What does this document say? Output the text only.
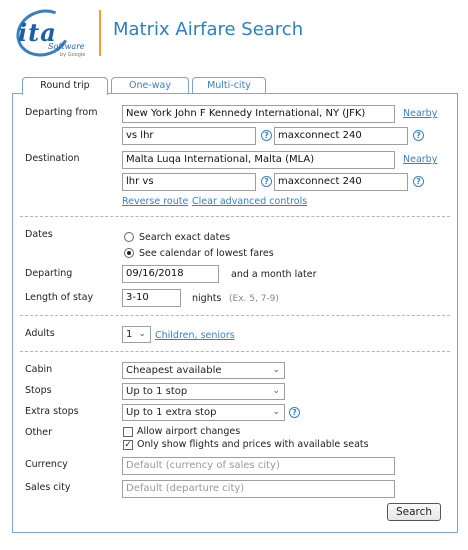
ita
Software
by Google
Matrix Airfare Search
Round trip	One-way	Multi-city
Departing from	New York John F Kennedy International, NY (JFK)	Nearby
vs lhr	? maxconnect 240	?
Destination	Malta Luqa International, Malta (MLA)	Nearby
lhr vs	? maxconnect 240	?
Reverse route Clear advanced controls
Dates	Search exact dates
See calendar of lowest fares
Departing	09/16/2018	and a month later
Length of stay	3-10	nights (Ex. 5, 7-9)
Adults	1 ⌄ Children, seniors
Cabin	Cheapest available	⌄
Stops	Up to 1 stop	⌄
Extra stops	Up to 1 extra stop	⌄	?
Other	Allow airport changes
✓ Only show flights and prices with available seats
Currency	Default (currency of sales city)
Sales city	Default (departure city)
Search
